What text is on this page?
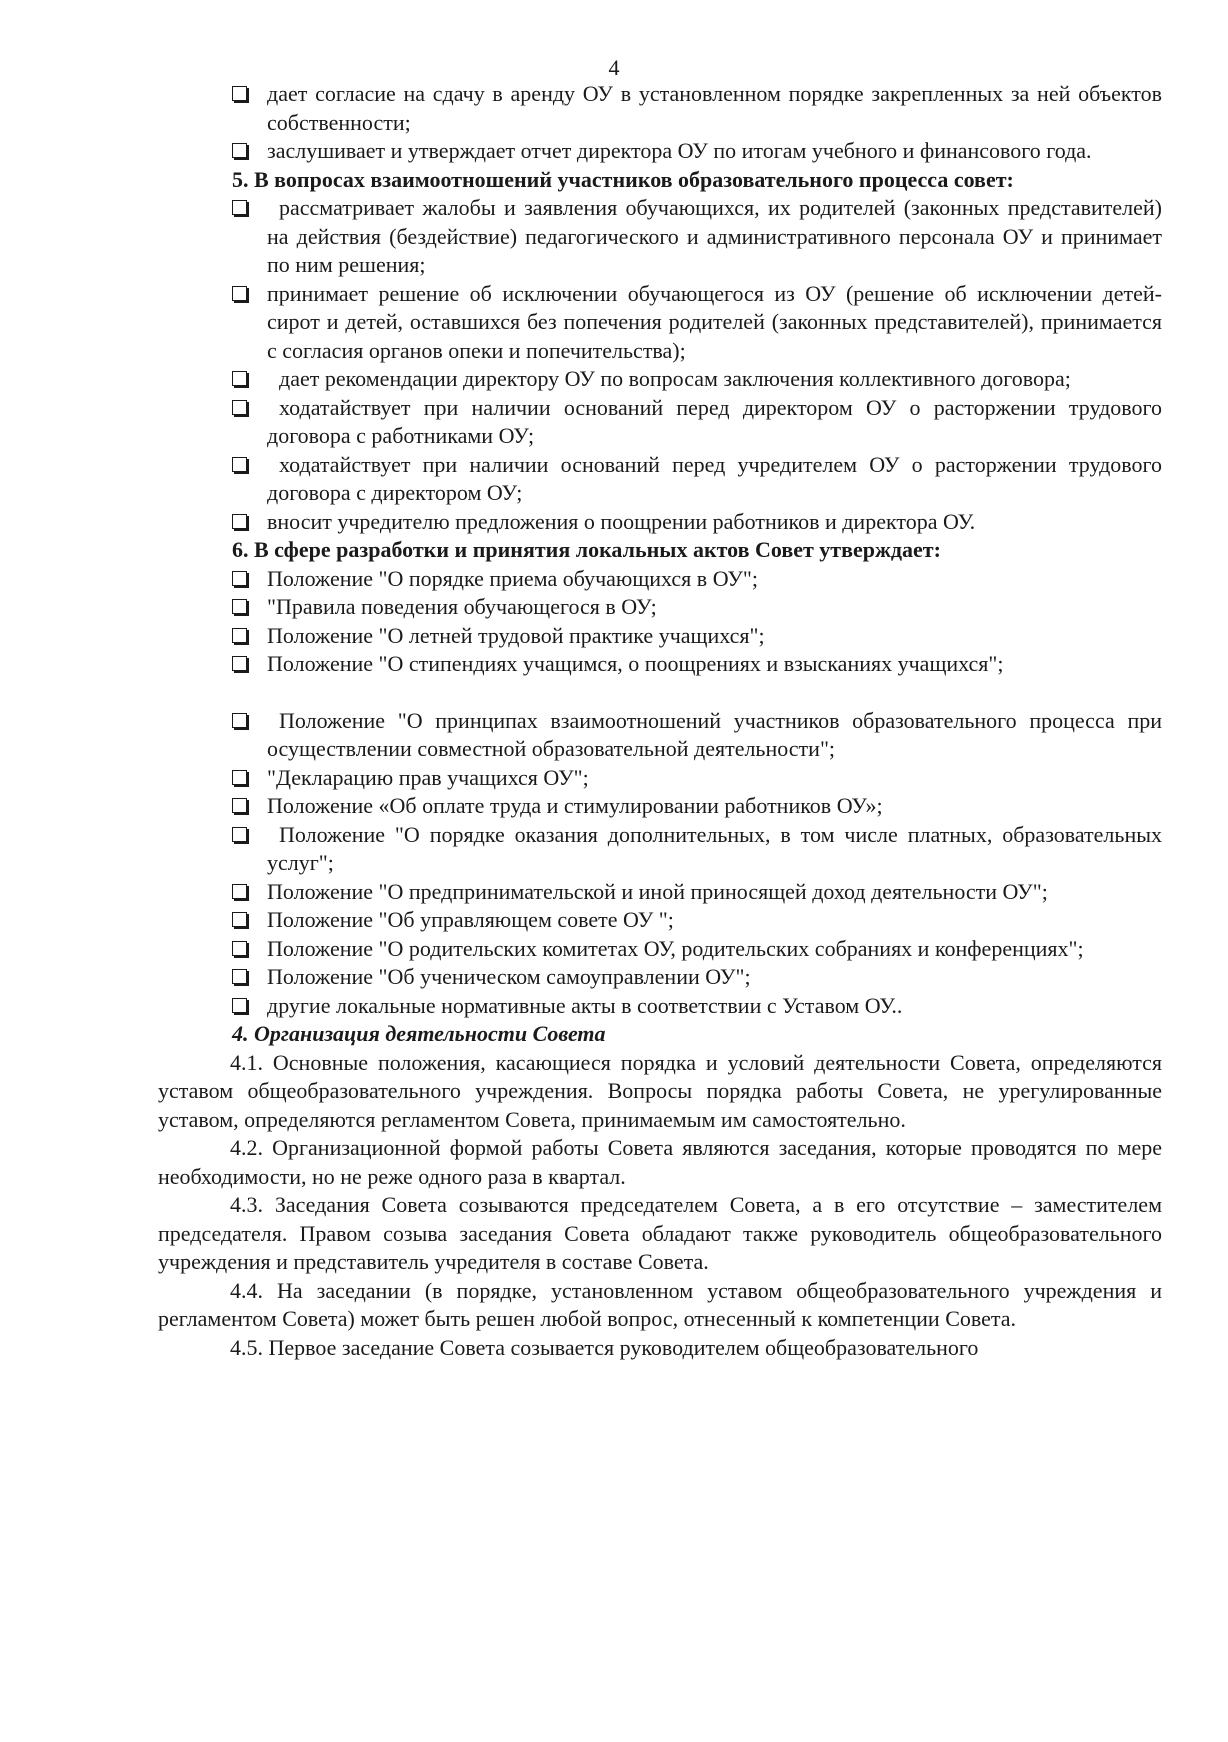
4
дает согласие на сдачу в аренду ОУ в установленном порядке закрепленных за ней объектов собственности;
заслушивает и утверждает отчет директора ОУ по итогам учебного и финансового года.
5. В вопросах взаимоотношений участников образовательного процесса совет:
рассматривает жалобы и заявления обучающихся, их родителей (законных представителей) на действия (бездействие) педагогического и административного персонала ОУ и принимает по ним решения;
принимает решение об исключении обучающегося из ОУ (решение об исключении детей-сирот и детей, оставшихся без попечения родителей (законных представителей), принимается с согласия органов опеки и попечительства);
дает рекомендации директору ОУ по вопросам заключения коллективного договора;
ходатайствует при наличии оснований перед директором ОУ о расторжении трудового договора с работниками ОУ;
ходатайствует при наличии оснований перед учредителем ОУ о расторжении трудового договора с директором ОУ;
вносит учредителю предложения о поощрении работников и директора ОУ.
6. В сфере разработки и принятия локальных актов Совет утверждает:
Положение "О порядке приема обучающихся в ОУ";
"Правила поведения обучающегося в ОУ;
Положение "О летней трудовой практике учащихся";
Положение "О стипендиях учащимся, о поощрениях и взысканиях учащихся";
Положение "О принципах взаимоотношений участников образовательного процесса при осуществлении совместной образовательной деятельности";
"Декларацию прав учащихся ОУ";
Положение «Об оплате труда и стимулировании работников ОУ»;
Положение "О порядке оказания дополнительных, в том числе платных, образовательных услуг";
Положение "О предпринимательской и иной приносящей доход деятельности ОУ";
Положение "Об управляющем совете ОУ ";
Положение "О родительских комитетах ОУ, родительских собраниях и конференциях";
Положение "Об ученическом самоуправлении ОУ";
другие локальные нормативные акты в соответствии с Уставом ОУ..
4. Организация деятельности Совета

4.1. Основные положения, касающиеся порядка и условий деятельности Совета, определяются уставом общеобразовательного учреждения. Вопросы порядка работы Совета, не урегулированные уставом, определяются регламентом Совета, принимаемым им самостоятельно.

4.2. Организационной формой работы Совета являются заседания, которые проводятся по мере необходимости, но не реже одного раза в квартал.

4.3. Заседания Совета созываются председателем Совета, а в его отсутствие – заместителем председателя. Правом созыва заседания Совета обладают также руководитель общеобразовательного учреждения и представитель учредителя в составе Совета.

4.4. На заседании (в порядке, установленном уставом общеобразовательного учреждения и регламентом Совета) может быть решен любой вопрос, отнесенный к компетенции Совета.

4.5. Первое заседание Совета созывается руководителем общеобразовательного
